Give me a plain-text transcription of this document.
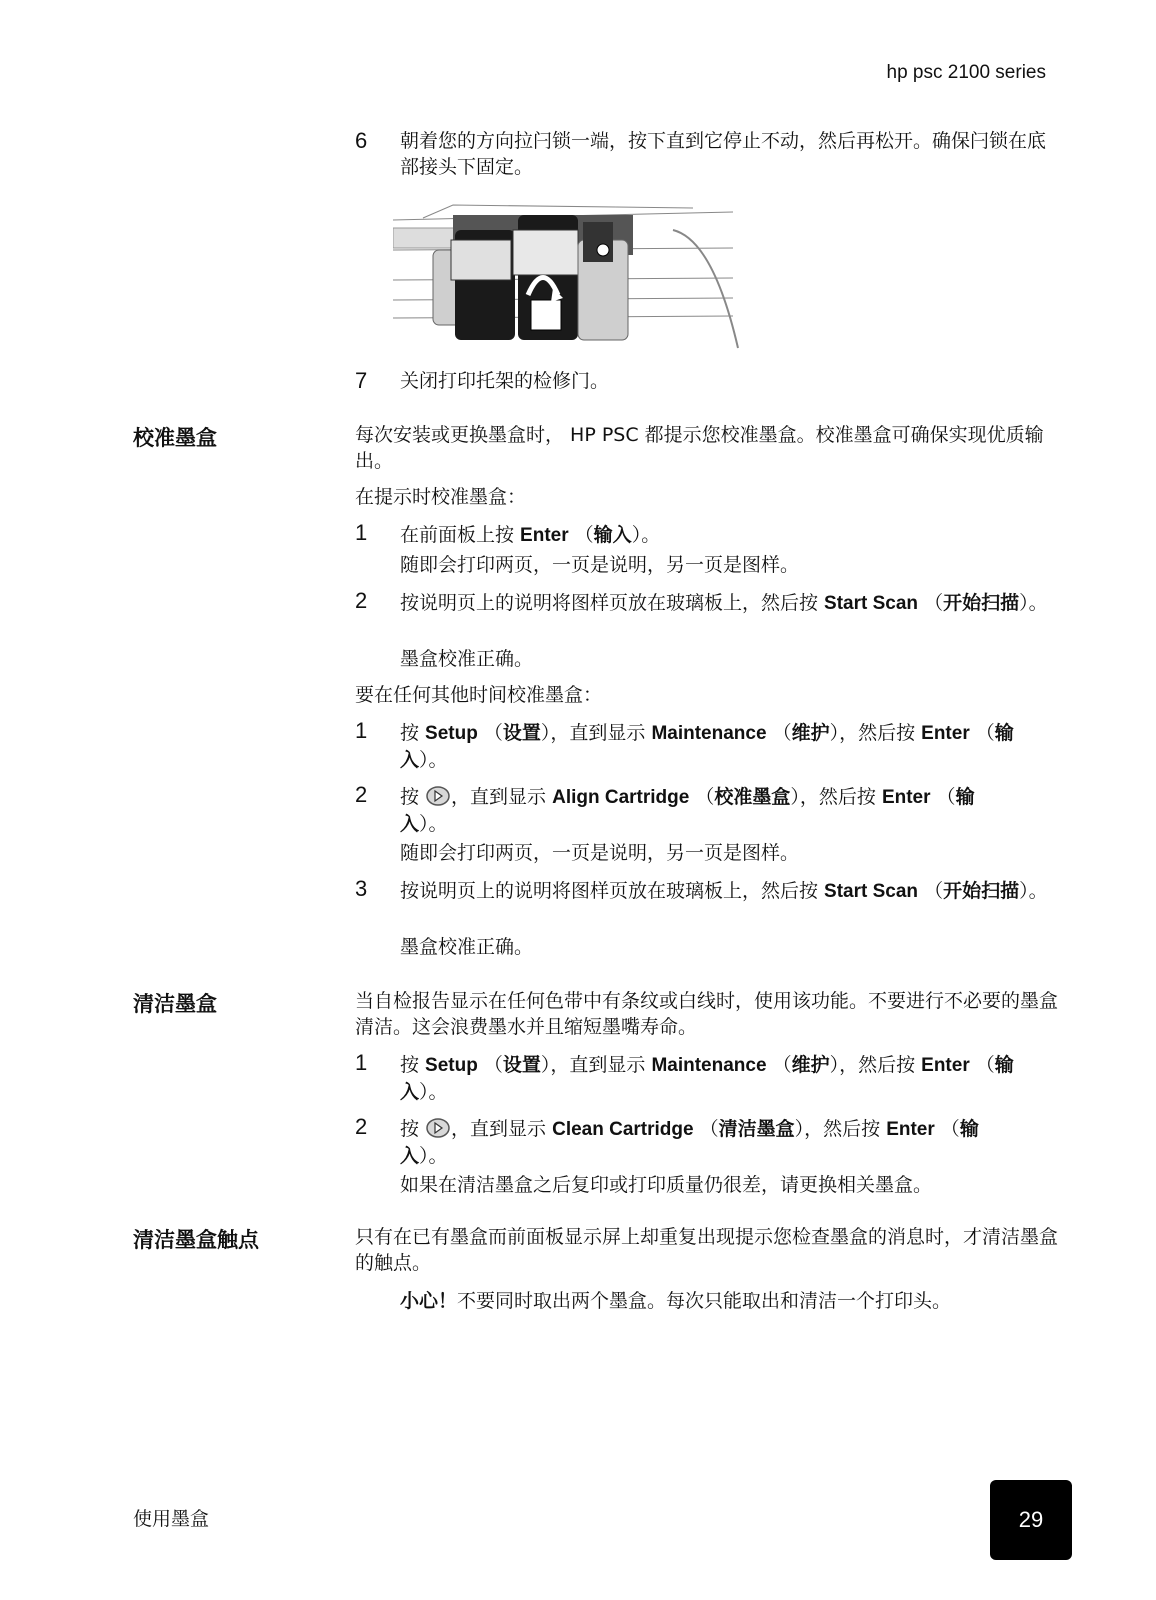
hp psc 2100 series
6 朝着您的方向拉闩锁一端，按下直到它停止不动，然后再松开。确保闩锁在底部接头下固定。
7 关闭打印托架的检修门。
校准墨盒	每次安装或更换墨盒时， HP PSC 都提示您校准墨盒。校准墨盒可确保实现优质输出。
在提示时校准墨盒：
1 在前面板上按 Enter （输入）。
随即会打印两页，一页是说明，另一页是图样。
2 按说明页上的说明将图样页放在玻璃板上，然后按 Start Scan （开始扫描）。
墨盒校准正确。
要在任何其他时间校准墨盒：
1 按 Setup （设置），直到显示 Maintenance （维护），然后按 Enter （输入）。
2 按 ，直到显示 Align Cartridge （校准墨盒），然后按 Enter （输入）。
随即会打印两页，一页是说明，另一页是图样。
3 按说明页上的说明将图样页放在玻璃板上，然后按 Start Scan （开始扫描）。
墨盒校准正确。
清洁墨盒	当自检报告显示在任何色带中有条纹或白线时，使用该功能。不要进行不必要的墨盒清洁。这会浪费墨水并且缩短墨嘴寿命。
1 按 Setup （设置），直到显示 Maintenance （维护），然后按 Enter （输入）。
2 按 ，直到显示 Clean Cartridge （清洁墨盒），然后按 Enter （输入）。
如果在清洁墨盒之后复印或打印质量仍很差，请更换相关墨盒。
清洁墨盒触点	只有在已有墨盒而前面板显示屏上却重复出现提示您检查墨盒的消息时，才清洁墨盒的触点。
小心！不要同时取出两个墨盒。每次只能取出和清洁一个打印头。
使用墨盒	29
